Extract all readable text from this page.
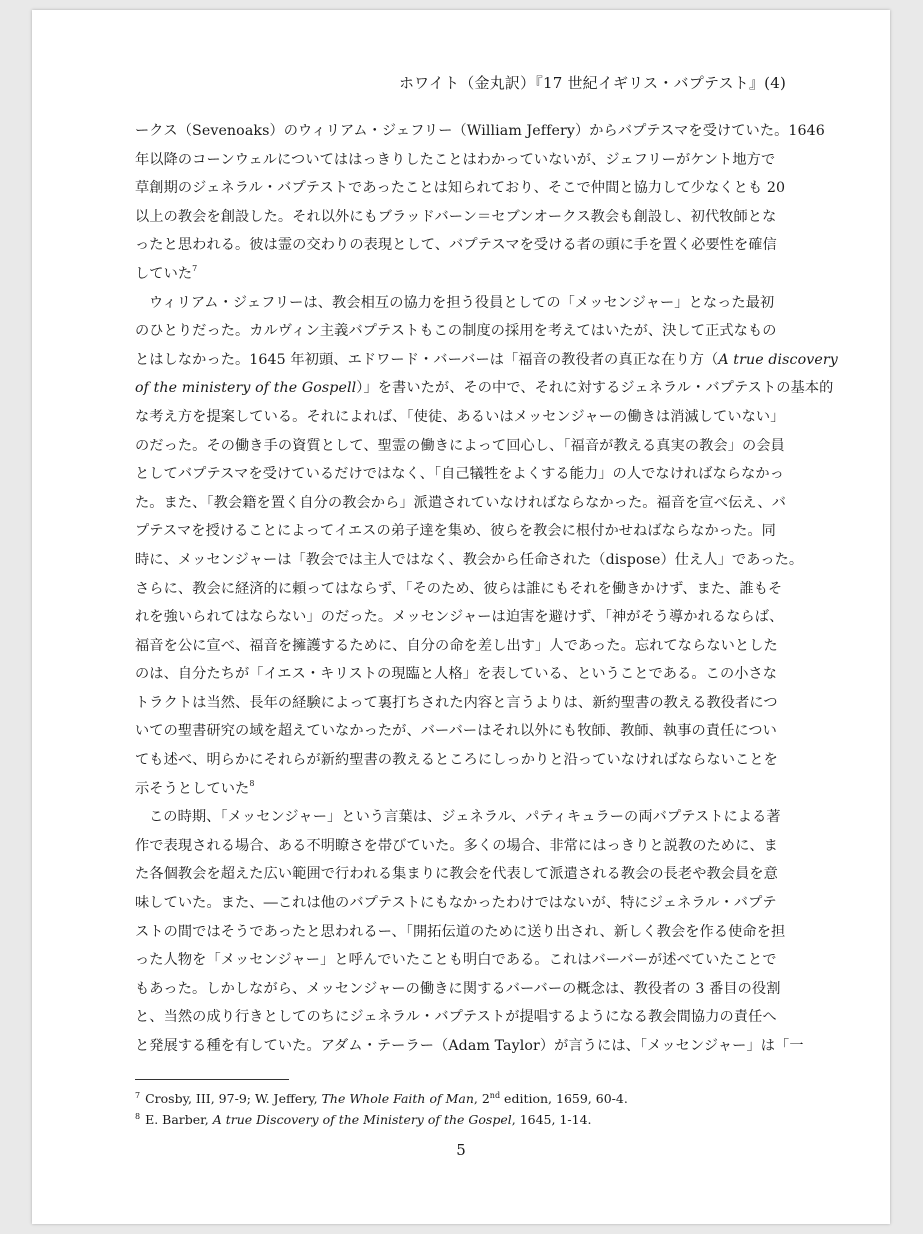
ホワイト（金丸訳）『17 世紀イギリス・バプテスト』(4)
ークス（Sevenoaks）のウィリアム・ジェフリー（William Jeffery）からバプテスマを受けていた。1646
年以降のコーンウェルについてははっきりしたことはわかっていないが、ジェフリーがケント地方で
草創期のジェネラル・バプテストであったことは知られており、そこで仲間と協力して少なくとも 20
以上の教会を創設した。それ以外にもブラッドバーン＝セブンオークス教会も創設し、初代牧師とな
ったと思われる。彼は霊の交わりの表現として、バプテスマを受ける者の頭に手を置く必要性を確信
していた$^7$
ウィリアム・ジェフリーは、教会相互の協力を担う役員としての「メッセンジャー」となった最初
のひとりだった。カルヴィン主義バプテストもこの制度の採用を考えてはいたが、決して正式なもの
とはしなかった。1645 年初頭、エドワード・バーバーは「福音の教役者の真正な在り方（A true discovery
of the ministery of the Gospell）」を書いたが、その中で、それに対するジェネラル・バプテストの基本的
な考え方を提案している。それによれば、「使徒、あるいはメッセンジャーの働きは消滅していない」
のだった。その働き手の資質として、聖霊の働きによって回心し、「福音が教える真実の教会」の会員
としてバプテスマを受けているだけではなく、「自己犠牲をよくする能力」の人でなければならなかっ
た。また、「教会籍を置く自分の教会から」派遣されていなければならなかった。福音を宣べ伝え、バ
プテスマを授けることによってイエスの弟子達を集め、彼らを教会に根付かせねばならなかった。同
時に、メッセンジャーは「教会では主人ではなく、教会から任命された（dispose）仕え人」であった。
さらに、教会に経済的に頼ってはならず、「そのため、彼らは誰にもそれを働きかけず、また、誰もそ
れを強いられてはならない」のだった。メッセンジャーは迫害を避けず、「神がそう導かれるならば、
福音を公に宣べ、福音を擁護するために、自分の命を差し出す」人であった。忘れてならないとした
のは、自分たちが「イエス・キリストの現臨と人格」を表している、ということである。この小さな
トラクトは当然、長年の経験によって裏打ちされた内容と言うよりは、新約聖書の教える教役者につ
いての聖書研究の域を超えていなかったが、バーバーはそれ以外にも牧師、教師、執事の責任につい
ても述べ、明らかにそれらが新約聖書の教えるところにしっかりと沿っていなければならないことを
示そうとしていた$^8$
この時期、「メッセンジャー」という言葉は、ジェネラル、パティキュラーの両バプテストによる著
作で表現される場合、ある不明瞭さを帯びていた。多くの場合、非常にはっきりと説教のために、ま
た各個教会を超えた広い範囲で行われる集まりに教会を代表して派遣される教会の長老や教会員を意
味していた。また、―これは他のバプテストにもなかったわけではないが、特にジェネラル・バプテ
ストの間ではそうであったと思われるー、「開拓伝道のために送り出され、新しく教会を作る使命を担
った人物を「メッセンジャー」と呼んでいたことも明白である。これはバーバーが述べていたことで
もあった。しかしながら、メッセンジャーの働きに関するバーバーの概念は、教役者の 3 番目の役割
と、当然の成り行きとしてのちにジェネラル・バプテストが提唱するようになる教会間協力の責任へ
と発展する種を有していた。アダム・テーラー（Adam Taylor）が言うには、「メッセンジャー」は「一
$^7$ Crosby, III, 97-9; W. Jeffery, The Whole Faith of Man, 2nd edition, 1659, 60-4.
$^8$ E. Barber, A true Discovery of the Ministery of the Gospel, 1645, 1-14.
5
